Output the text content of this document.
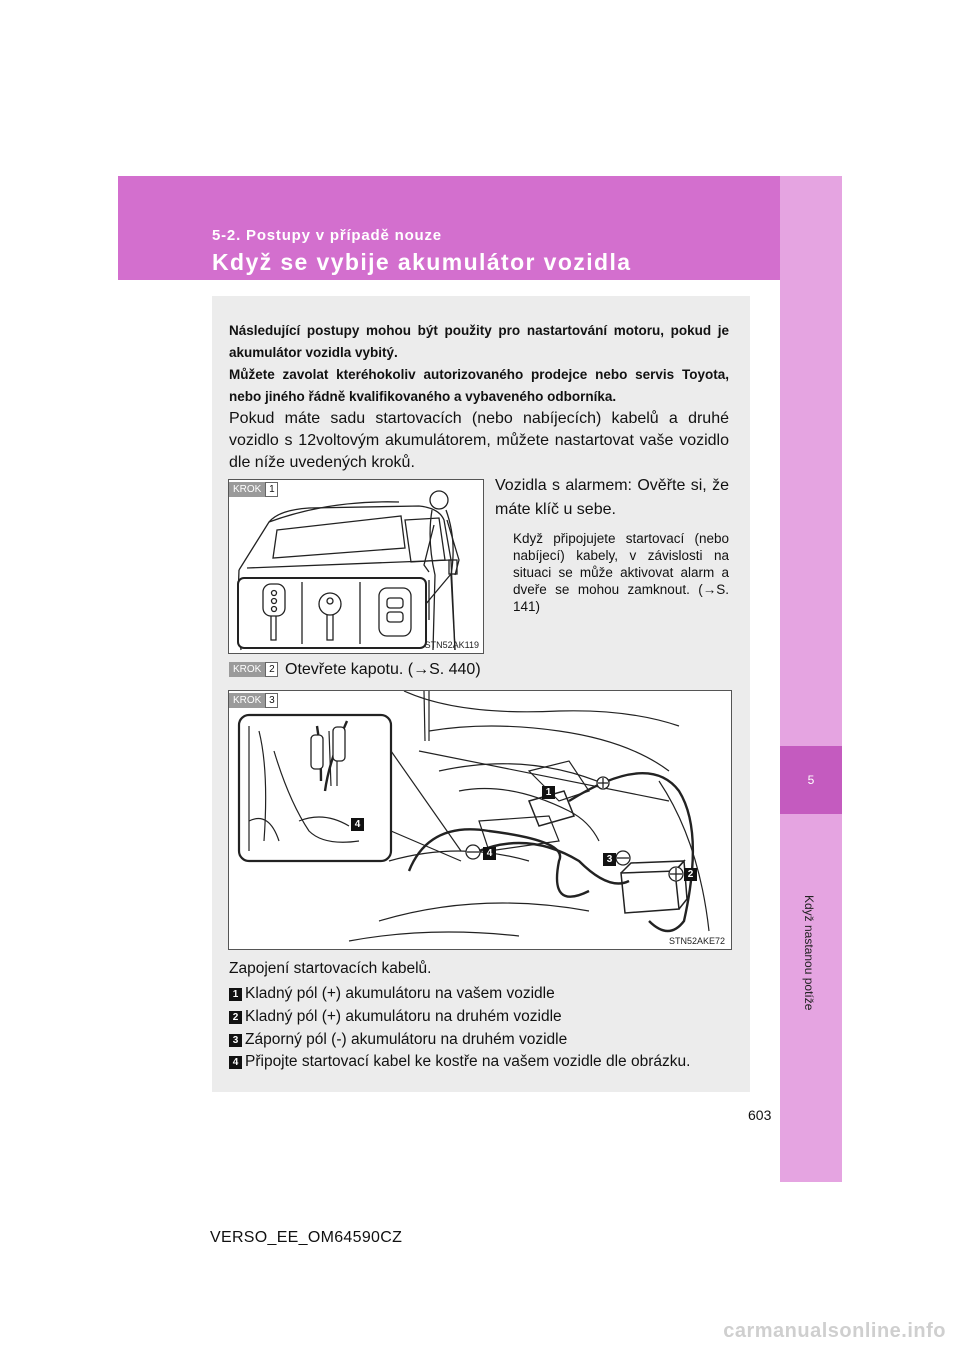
5-2. Postupy v případě nouze
Když se vybije akumulátor vozidla
5
Když nastanou potíže

Následující postupy mohou být použity pro nastartování motoru, pokud je akumulátor vozidla vybitý.

Můžete zavolat kteréhokoliv autorizovaného prodejce nebo servis Toyota, nebo jiného řádně kvalifikovaného a vybaveného odborníka.

Pokud máte sadu startovacích (nebo nabíjecích) kabelů a druhé vozidlo s 12voltovým akumulátorem, můžete nastartovat vaše vozidlo dle níže uvedených kroků.

STN52AK119
KROK 1	Vozidla s alarmem: Ověřte si, že máte klíč u sebe.

Když připojujete startovací (nebo nabíjecí) kabely, v závislosti na situaci se může aktivovat alarm a dveře se mohou zamknout. (→S. 141)

KROK 2 Otevřete kapotu. (→S. 440)

4
4
1
2
3
STN52AKE72
KROK 3

Zapojení startovacích kabelů.

1 Kladný pól (+) akumulátoru na vašem vozidle
2 Kladný pól (+) akumulátoru na druhém vozidle
3 Záporný pól (-) akumulátoru na druhém vozidle
4 Připojte startovací kabel ke kostře na vašem vozidle dle obrázku.
603
VERSO_EE_OM64590CZ
carmanualsonline.info
